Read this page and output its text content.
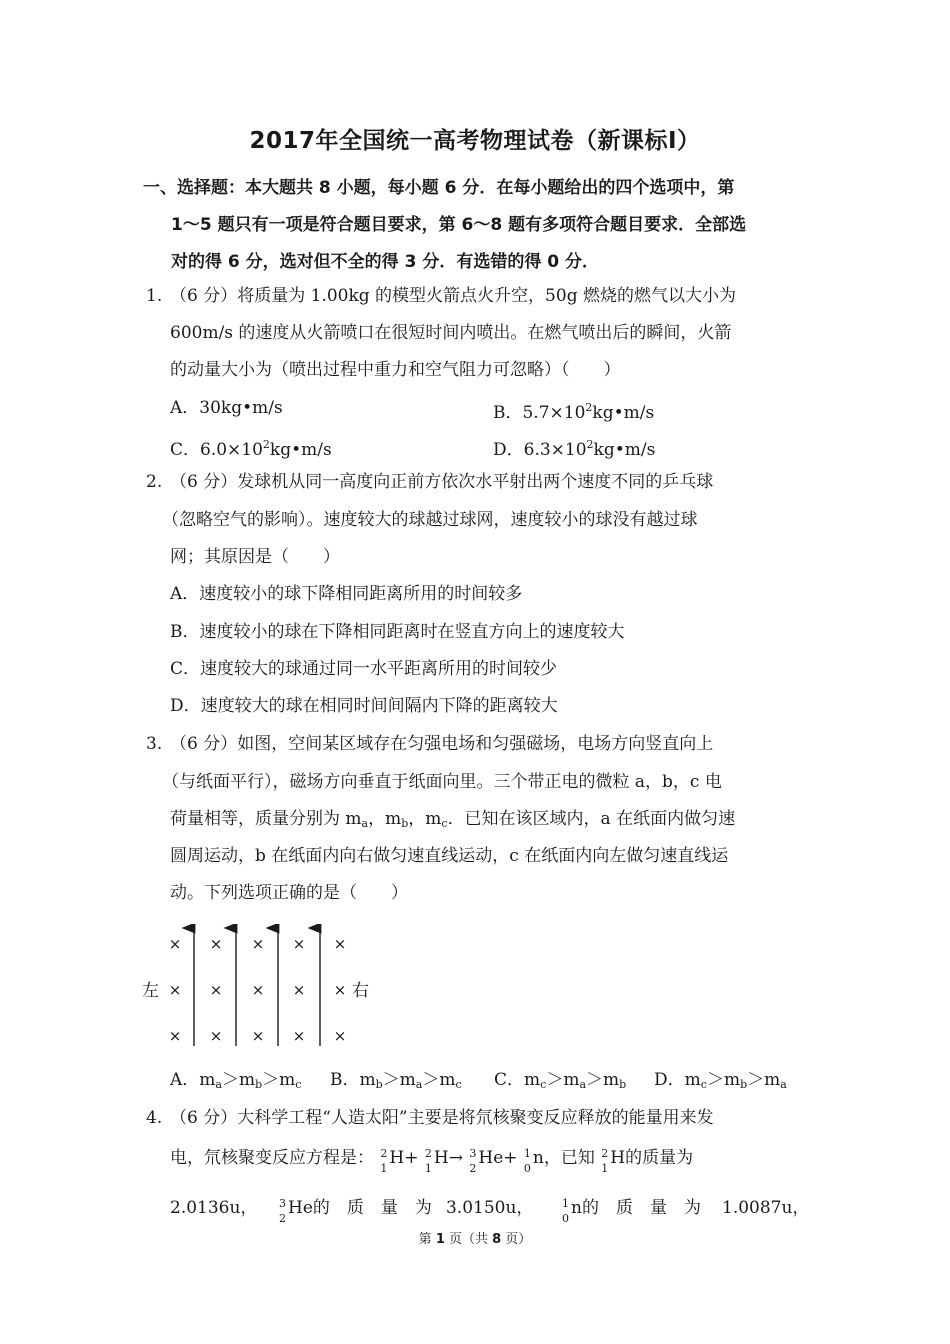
2017年全国统一高考物理试卷（新课标Ⅰ）
一、选择题：本大题共 8 小题，每小题 6 分．在每小题给出的四个选项中，第
1～5 题只有一项是符合题目要求，第 6～8 题有多项符合题目要求．全部选
对的得 6 分，选对但不全的得 3 分．有选错的得 0 分．
1. （6 分）将质量为 1.00kg 的模型火箭点火升空，50g 燃烧的燃气以大小为
600m/s 的速度从火箭喷口在很短时间内喷出。在燃气喷出后的瞬间，火箭
的动量大小为（喷出过程中重力和空气阻力可忽略）（　　）
A．30kg•m/s	B．$5.7\times 10^2kg•m/s$
C．$6.0\times 10^2kg•m/s$	D．$6.3\times 10^2kg•m/s$
2. （6 分）发球机从同一高度向正前方依次水平射出两个速度不同的乒乓球
（忽略空气的影响）。速度较大的球越过球网，速度较小的球没有越过球
网；其原因是（　　）
A．速度较小的球下降相同距离所用的时间较多
B．速度较小的球在下降相同距离时在竖直方向上的速度较大
C．速度较大的球通过同一水平距离所用的时间较少
D．速度较大的球在相同时间间隔内下降的距离较大
3. （6 分）如图，空间某区域存在匀强电场和匀强磁场，电场方向竖直向上
（与纸面平行），磁场方向垂直于纸面向里。三个带正电的微粒 a，b，c 电
荷量相等，质量分别为 $m_a$，$m_b$，$m_c$．已知在该区域内，a 在纸面内做匀速
圆周运动，b 在纸面内向右做匀速直线运动，c 在纸面内向左做匀速直线运
动。下列选项正确的是（　　）
× × × × ×
× × × × ×
× × × × ×
左	右
A．$m_a>m_b>m_c$ B．$m_b>m_a>m_c$ C．$m_c>m_a>m_b$ D．$m_c>m_b>m_a$
4. （6 分）大科学工程“人造太阳”主要是将氘核聚变反应释放的能量用来发
电，氘核聚变反应方程是： 2
1
H+ 2
1
H→ 3
2
He+ 1
0
n，已知 2
1
H的质量为
2.0136u， 3
2
He的　质　量　为 3.0150u，	1
0
n的　质　量　为 1.0087u，
第 1 页（共 8 页）
